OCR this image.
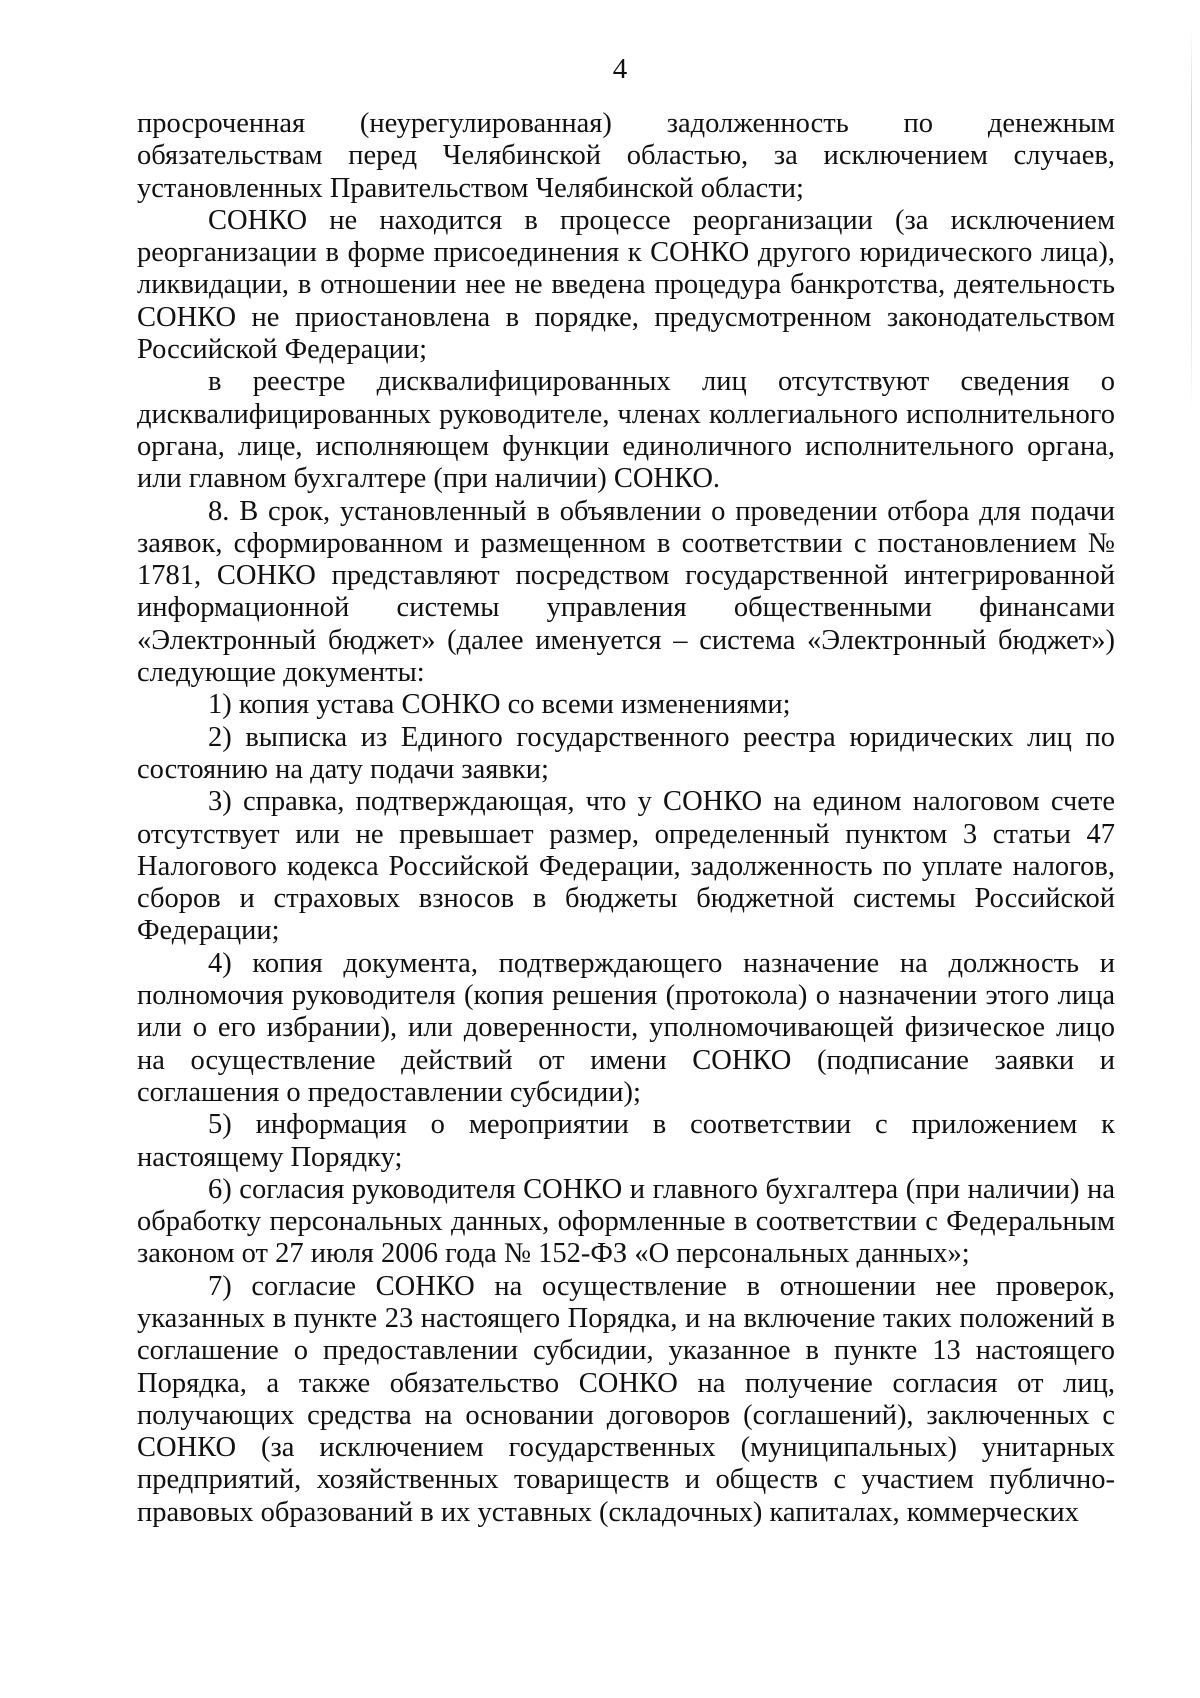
4

просроченная (неурегулированная) задолженность по денежным обязательствам перед Челябинской областью, за исключением случаев, установленных Правительством Челябинской области;

СОНКО не находится в процессе реорганизации (за исключением реорганизации в форме присоединения к СОНКО другого юридического лица), ликвидации, в отношении нее не введена процедура банкротства, деятельность СОНКО не приостановлена в порядке, предусмотренном законодательством Российской Федерации;

в реестре дисквалифицированных лиц отсутствуют сведения о дисквалифицированных руководителе, членах коллегиального исполнительного органа, лице, исполняющем функции единоличного исполнительного органа, или главном бухгалтере (при наличии) СОНКО.

8. В срок, установленный в объявлении о проведении отбора для подачи заявок, сформированном и размещенном в соответствии с постановлением № 1781, СОНКО представляют посредством государственной интегрированной информационной системы управления общественными финансами «Электронный бюджет» (далее именуется – система «Электронный бюджет») следующие документы:

1) копия устава СОНКО со всеми изменениями;

2) выписка из Единого государственного реестра юридических лиц по состоянию на дату подачи заявки;

3) справка, подтверждающая, что у СОНКО на едином налоговом счете отсутствует или не превышает размер, определенный пунктом 3 статьи 47 Налогового кодекса Российской Федерации, задолженность по уплате налогов, сборов и страховых взносов в бюджеты бюджетной системы Российской Федерации;

4) копия документа, подтверждающего назначение на должность и полномочия руководителя (копия решения (протокола) о назначении этого лица или о его избрании), или доверенности, уполномочивающей физическое лицо на осуществление действий от имени СОНКО (подписание заявки и соглашения о предоставлении субсидии);

5) информация о мероприятии в соответствии с приложением к настоящему Порядку;

6) согласия руководителя СОНКО и главного бухгалтера (при наличии) на обработку персональных данных, оформленные в соответствии с Федеральным законом от 27 июля 2006 года № 152-ФЗ «О персональных данных»;

7) согласие СОНКО на осуществление в отношении нее проверок, указанных в пункте 23 настоящего Порядка, и на включение таких положений в соглашение о предоставлении субсидии, указанное в пункте 13 настоящего Порядка, а также обязательство СОНКО на получение согласия от лиц, получающих средства на основании договоров (соглашений), заключенных с СОНКО (за исключением государственных (муниципальных) унитарных предприятий, хозяйственных товариществ и обществ с участием публично-правовых образований в их уставных (складочных) капиталах, коммерческих
